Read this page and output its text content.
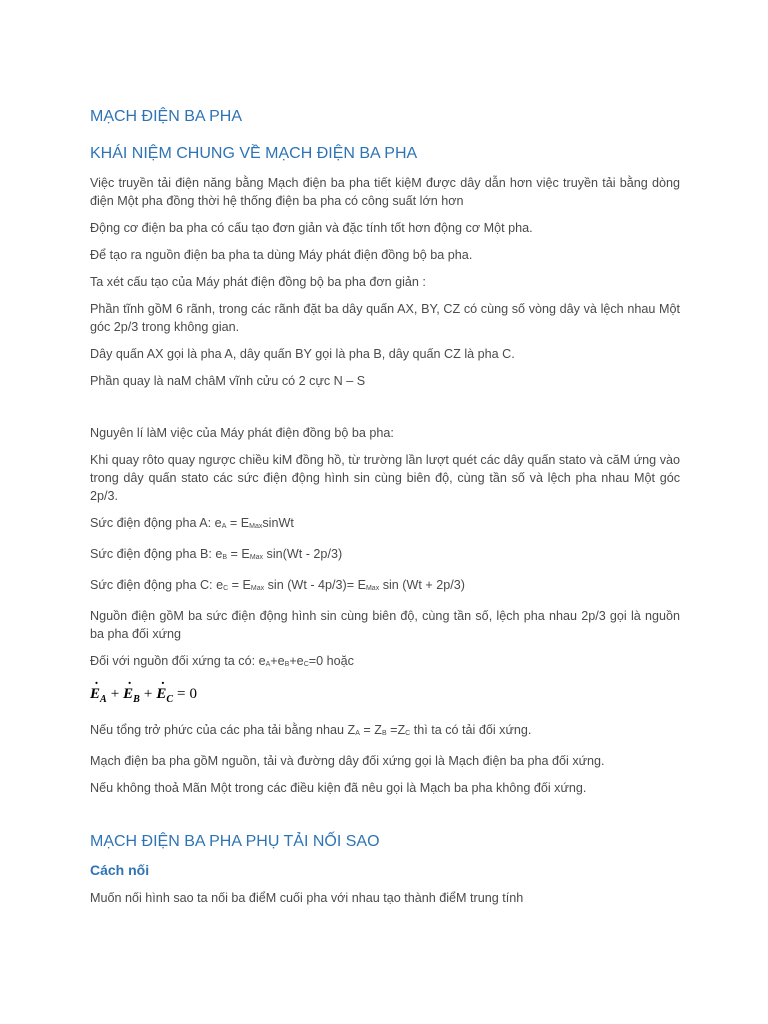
MẠCH ĐIỆN BA PHA
KHÁI NIỆM CHUNG VỀ MẠCH ĐIỆN BA PHA

Việc truyền tải điện năng bằng Mạch điện ba pha tiết kiệM được dây dẫn hơn việc truyền tải bằng dòng điện Một pha đồng thời hệ thống điện ba pha có công suất lớn hơn

Động cơ điện ba pha có cấu tạo đơn giản và đặc tính tốt hơn động cơ Một pha.

Để tạo ra nguồn điện ba pha ta dùng Máy phát điện đồng bộ ba pha.

Ta xét cấu tạo của Máy phát điện đồng bộ ba pha đơn giản :

Phần tĩnh gồM 6 rãnh, trong các rãnh đặt ba dây quấn AX, BY, CZ có cùng số vòng dây và lệch nhau Một góc 2p/3 trong không gian.

Dây quấn AX gọi là pha A, dây quấn BY gọi là pha B, dây quấn CZ là pha C.

Phần quay là naM châM vĩnh cửu có 2 cực N – S

Nguyên lí làM việc của Máy phát điện đồng bộ ba pha:

Khi quay rôto quay ngược chiều kiM đồng hồ, từ trường lần lượt quét các dây quấn stato và căM ứng vào trong dây quấn stato các sức điện động hình sin cùng biên độ, cùng tần số và lệch pha nhau Một góc 2p/3.

Sức điện động pha A: eA = EMaxsinWt

Sức điện động pha B: eB = EMax sin(Wt - 2p/3)

Sức điện động pha C: eC = EMax sin (Wt - 4p/3)= EMax sin (Wt + 2p/3)

Nguồn điện gồM ba sức điện động hình sin cùng biên độ, cùng tần số, lệch pha nhau 2p/3 gọi là nguồn ba pha đối xứng

Đối với nguồn đối xứng ta có: eA+eB+eC=0 hoặc

˙ $E_A$ + ˙ $E_B$ + ˙ $E_C = 0$

Nếu tổng trở phức của các pha tải bằng nhau ZA = ZB =ZC thì ta có tải đối xứng.

Mạch điện ba pha gồM nguồn, tải và đường dây đối xứng gọi là Mạch điện ba pha đối xứng.

Nếu không thoả Mãn Một trong các điều kiện đã nêu gọi là Mạch ba pha không đối xứng.

MẠCH ĐIỆN BA PHA PHỤ TẢI NỐI SAO
Cách nối

Muốn nối hình sao ta nối ba điểM cuối pha với nhau tạo thành điểM trung tính
